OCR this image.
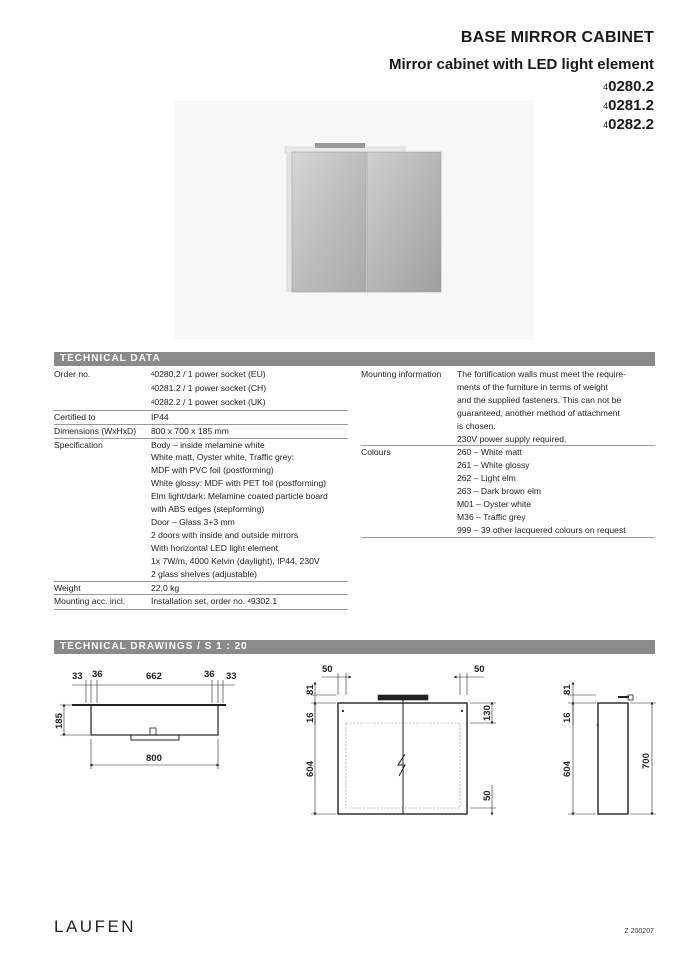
BASE MIRROR CABINET
Mirror cabinet with LED light element
40280.2
40281.2
40282.2
TECHNICAL DATA
Order no.	40280.2 / 1 power socket (EU)
	40281.2 / 1 power socket (CH)
	40282.2 / 1 power socket (UK)
Certified to	IP44
Dimensions (WxHxD)	800 x 700 x 185 mm
Specification	Body – inside melamine white
	White matt, Oyster white, Traffic grey:
	MDF with PVC foil (postforming)
	White glossy: MDF with PET foil (postforming)
	Elm light/dark: Melamine coated particle board
	with ABS edges (stepforming)
	Door – Glass 3+3 mm
	2 doors with inside and outside mirrors
	With horizontal LED light element
	1x 7W/m, 4000 Kelvin (daylight), IP44, 230V
	2 glass shelves (adjustable)
Weight	22,0 kg
Mounting acc. incl.	Installation set, order no. 49302.1
Mounting information	The fortification walls must meet the require-
	ments of the furniture in terms of weight
	and the supplied fasteners. This can not be
	guaranteed, another method of attachment
	is chosen.
	230V power supply required.
Colours	260 – White matt
	261 – White glossy
	262 – Light elm
	263 – Dark brown elm
	M01 – Oyster white
	M36 – Traffic grey
	999 – 39 other lacquered colours on request
TECHNICAL DRAWINGS / S 1 : 20
33 36	662	36 33
185
800
50	50
81
16	130
604
50
81
16
604
700
LAUFEN	Z 200207
